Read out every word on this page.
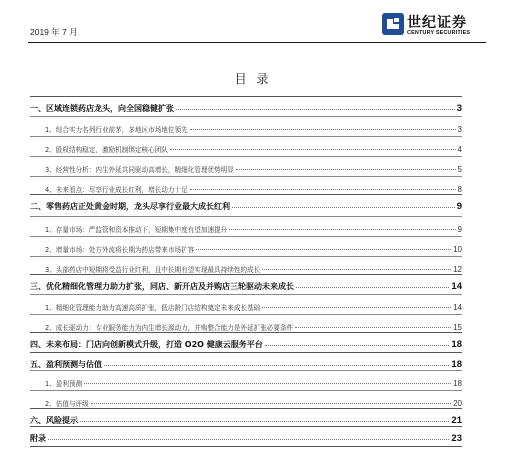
2019 年 7 月
世纪证券
CENTURY SECURITIES
目 录
一、区域连锁药店龙头，向全国稳健扩张	3
1、综合实力名列行业前茅，多地区市场地位领先	3
2、股权结构稳定，激励机制绑定核心团队	4
3、经营性分析：内生外延共同驱动高增长，精细化管理优势明显	5
4、未来看点：尽享行业成长红利，增长动力十足	8
二、零售药店正处黄金时期，龙头尽享行业最大成长红利	9
1、存量市场：严监管和资本推动下，短期集中度有望加速提升	9
2、增量市场：处方外流将长期为药店带来市场扩容	10
3、头部药店中短期将受益行业红利，且中长期有望实现最具持续性的成长	12
三、优化精细化管理力助力扩张，同店、新开店及并购店三轮驱动未来成长	14
1、精细化管理能力助力高速高质扩张，低店龄门店结构奠定未来成长基础	14
2、成长驱动力：专业服务能力为内生增长源动力，并购整合能力是外延扩张必要条件	15
四、未来布局：门店向创新模式升级，打造 O2O 健康云服务平台	18
五、盈利预测与估值	18
1、盈利预测	18
2、估值与评级	20
六、风险提示	21
附录	23
